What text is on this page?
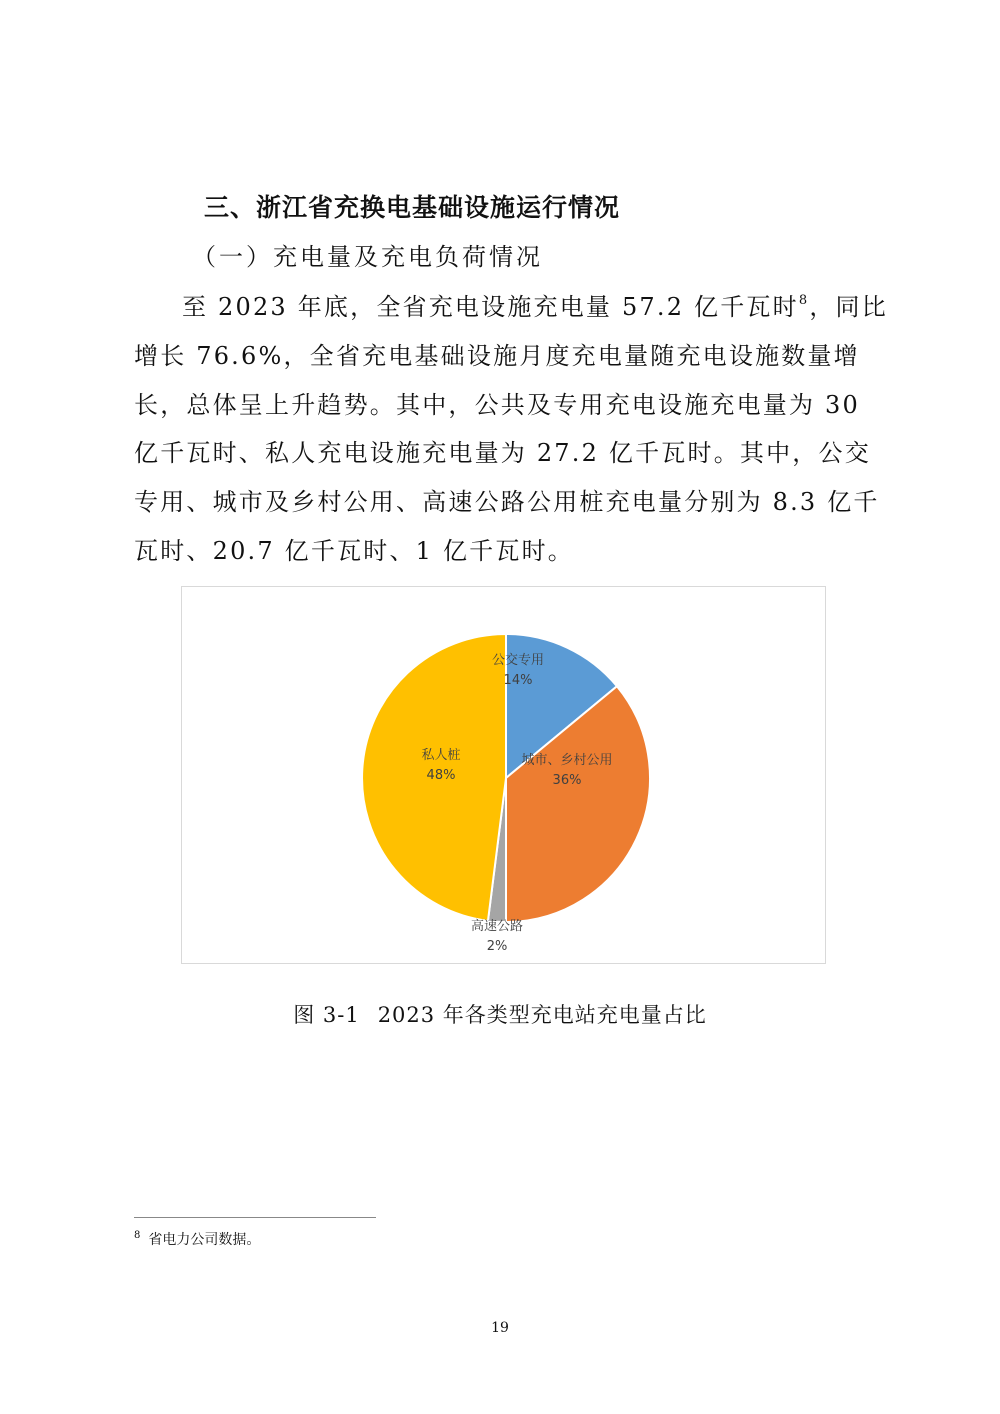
三、浙江省充换电基础设施运行情况
（一）充电量及充电负荷情况
至 2023 年底，全省充电设施充电量 57.2 亿千瓦时$^8$，同比
增长 76.6%，全省充电基础设施月度充电量随充电设施数量增
长，总体呈上升趋势。其中，公共及专用充电设施充电量为 30
亿千瓦时、私人充电设施充电量为 27.2 亿千瓦时。其中，公交
专用、城市及乡村公用、高速公路公用桩充电量分别为 8.3 亿千
瓦时、20.7 亿千瓦时、1 亿千瓦时。
公交专用
14%
城市、乡村公用
36%
高速公路
2%
私人桩
48%
图 3-1 2023 年各类型充电站充电量占比
$^8$ 省电力公司数据。
19
